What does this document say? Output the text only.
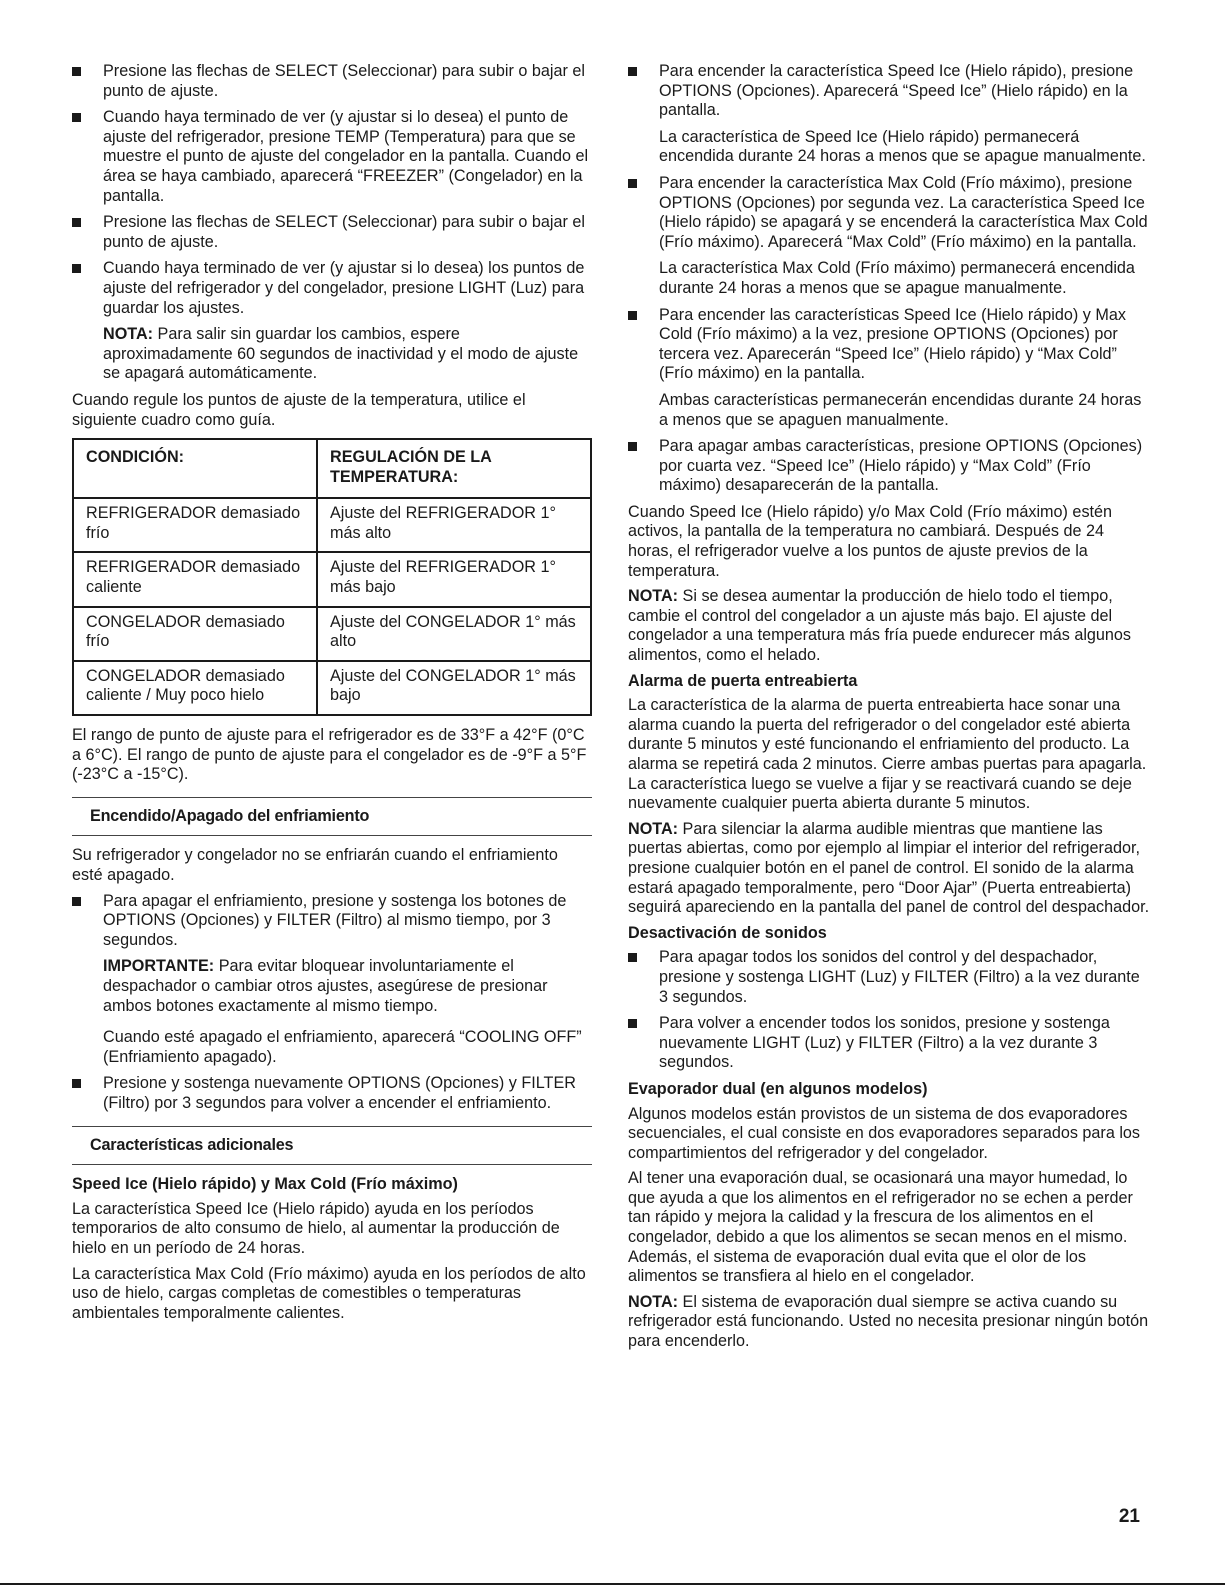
Presione las flechas de SELECT (Seleccionar) para subir o bajar el punto de ajuste.
Cuando haya terminado de ver (y ajustar si lo desea) el punto de ajuste del refrigerador, presione TEMP (Temperatura) para que se muestre el punto de ajuste del congelador en la pantalla. Cuando el área se haya cambiado, aparecerá “FREEZER” (Congelador) en la pantalla.
Presione las flechas de SELECT (Seleccionar) para subir o bajar el punto de ajuste.
Cuando haya terminado de ver (y ajustar si lo desea) los puntos de ajuste del refrigerador y del congelador, presione LIGHT (Luz) para guardar los ajustes.

NOTA: Para salir sin guardar los cambios, espere aproximadamente 60 segundos de inactividad y el modo de ajuste se apagará automáticamente.

Cuando regule los puntos de ajuste de la temperatura, utilice el siguiente cuadro como guía.

CONDICIÓN:	REGULACIÓN DE LA TEMPERATURA:
REFRIGERADOR demasiado frío	Ajuste del REFRIGERADOR 1° más alto
REFRIGERADOR demasiado caliente	Ajuste del REFRIGERADOR 1° más bajo
CONGELADOR demasiado frío	Ajuste del CONGELADOR 1° más alto
CONGELADOR demasiado caliente / Muy poco hielo	Ajuste del CONGELADOR 1° más bajo

El rango de punto de ajuste para el refrigerador es de 33°F a 42°F (0°C a 6°C). El rango de punto de ajuste para el congelador es de -9°F a 5°F (-23°C a -15°C).

Encendido/Apagado del enfriamiento

Su refrigerador y congelador no se enfriarán cuando el enfriamiento esté apagado.

Para apagar el enfriamiento, presione y sostenga los botones de OPTIONS (Opciones) y FILTER (Filtro) al mismo tiempo, por 3 segundos.

IMPORTANTE: Para evitar bloquear involuntariamente el despachador o cambiar otros ajustes, asegúrese de presionar ambos botones exactamente al mismo tiempo.

Cuando esté apagado el enfriamiento, aparecerá “COOLING OFF” (Enfriamiento apagado).

Presione y sostenga nuevamente OPTIONS (Opciones) y FILTER (Filtro) por 3 segundos para volver a encender el enfriamiento.
Características adicionales
Speed Ice (Hielo rápido) y Max Cold (Frío máximo)

La característica Speed Ice (Hielo rápido) ayuda en los períodos temporarios de alto consumo de hielo, al aumentar la producción de hielo en un período de 24 horas.

La característica Max Cold (Frío máximo) ayuda en los períodos de alto uso de hielo, cargas completas de comestibles o temperaturas ambientales temporalmente calientes.

Para encender la característica Speed Ice (Hielo rápido), presione OPTIONS (Opciones). Aparecerá “Speed Ice” (Hielo rápido) en la pantalla.

La característica de Speed Ice (Hielo rápido) permanecerá encendida durante 24 horas a menos que se apague manualmente.

Para encender la característica Max Cold (Frío máximo), presione OPTIONS (Opciones) por segunda vez. La característica Speed Ice (Hielo rápido) se apagará y se encenderá la característica Max Cold (Frío máximo). Aparecerá “Max Cold” (Frío máximo) en la pantalla.

La característica Max Cold (Frío máximo) permanecerá encendida durante 24 horas a menos que se apague manualmente.

Para encender las características Speed Ice (Hielo rápido) y Max Cold (Frío máximo) a la vez, presione OPTIONS (Opciones) por tercera vez. Aparecerán “Speed Ice” (Hielo rápido) y “Max Cold” (Frío máximo) en la pantalla.

Ambas características permanecerán encendidas durante 24 horas a menos que se apaguen manualmente.

Para apagar ambas características, presione OPTIONS (Opciones) por cuarta vez. “Speed Ice” (Hielo rápido) y “Max Cold” (Frío máximo) desaparecerán de la pantalla.

Cuando Speed Ice (Hielo rápido) y/o Max Cold (Frío máximo) estén activos, la pantalla de la temperatura no cambiará. Después de 24 horas, el refrigerador vuelve a los puntos de ajuste previos de la temperatura.

NOTA: Si se desea aumentar la producción de hielo todo el tiempo, cambie el control del congelador a un ajuste más bajo. El ajuste del congelador a una temperatura más fría puede endurecer más algunos alimentos, como el helado.

Alarma de puerta entreabierta

La característica de la alarma de puerta entreabierta hace sonar una alarma cuando la puerta del refrigerador o del congelador esté abierta durante 5 minutos y esté funcionando el enfriamiento del producto. La alarma se repetirá cada 2 minutos. Cierre ambas puertas para apagarla. La característica luego se vuelve a fijar y se reactivará cuando se deje nuevamente cualquier puerta abierta durante 5 minutos.

NOTA: Para silenciar la alarma audible mientras que mantiene las puertas abiertas, como por ejemplo al limpiar el interior del refrigerador, presione cualquier botón en el panel de control. El sonido de la alarma estará apagado temporalmente, pero “Door Ajar” (Puerta entreabierta) seguirá apareciendo en la pantalla del panel de control del despachador.

Desactivación de sonidos
Para apagar todos los sonidos del control y del despachador, presione y sostenga LIGHT (Luz) y FILTER (Filtro) a la vez durante 3 segundos.
Para volver a encender todos los sonidos, presione y sostenga nuevamente LIGHT (Luz) y FILTER (Filtro) a la vez durante 3 segundos.
Evaporador dual (en algunos modelos)

Algunos modelos están provistos de un sistema de dos evaporadores secuenciales, el cual consiste en dos evaporadores separados para los compartimientos del refrigerador y del congelador.

Al tener una evaporación dual, se ocasionará una mayor humedad, lo que ayuda a que los alimentos en el refrigerador no se echen a perder tan rápido y mejora la calidad y la frescura de los alimentos en el congelador, debido a que los alimentos se secan menos en el mismo. Además, el sistema de evaporación dual evita que el olor de los alimentos se transfiera al hielo en el congelador.

NOTA: El sistema de evaporación dual siempre se activa cuando su refrigerador está funcionando. Usted no necesita presionar ningún botón para encenderlo.

21
